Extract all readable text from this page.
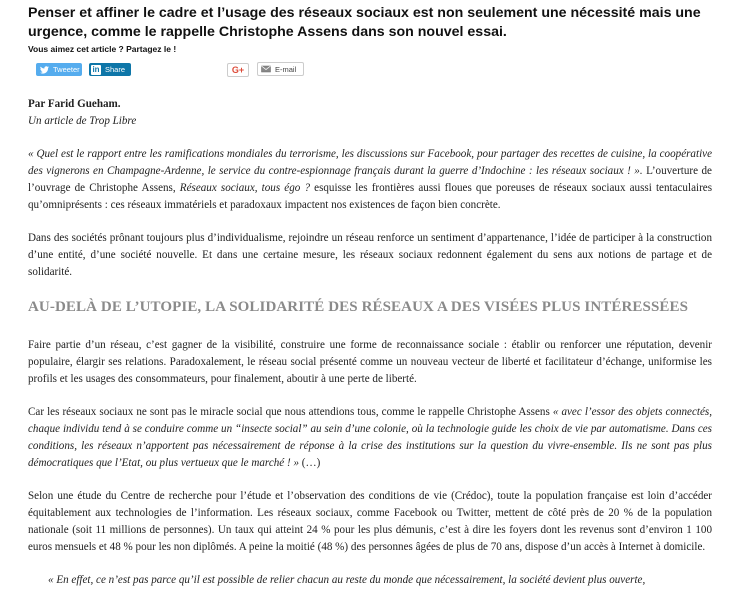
Penser et affiner le cadre et l’usage des réseaux sociaux est non seulement une nécessité mais une urgence, comme le rappelle Christophe Assens dans son nouvel essai.

Vous aimez cet article ? Partagez le !

Tweeter in Share	G+	E-mail

Par Farid Gueham.

Un article de Trop Libre

« Quel est le rapport entre les ramifications mondiales du terrorisme, les discussions sur Facebook, pour partager des recettes de cuisine, la coopérative des vignerons en Champagne-Ardenne, le service du contre-espionnage français durant la guerre d’Indochine : les réseaux sociaux ! ». L’ouverture de l’ouvrage de Christophe Assens, Réseaux sociaux, tous égo ? esquisse les frontières aussi floues que poreuses de réseaux sociaux aussi tentaculaires qu’omniprésents : ces réseaux immatériels et paradoxaux impactent nos existences de façon bien concrète.

Dans des sociétés prônant toujours plus d’individualisme, rejoindre un réseau renforce un sentiment d’appartenance, l’idée de participer à la construction d’une entité, d’une société nouvelle. Et dans une certaine mesure, les réseaux sociaux redonnent également du sens aux notions de partage et de solidarité.

AU-DELÀ DE L’UTOPIE, LA SOLIDARITÉ DES RÉSEAUX A DES VISÉES PLUS INTÉRESSÉES

Faire partie d’un réseau, c’est gagner de la visibilité, construire une forme de reconnaissance sociale : établir ou renforcer une réputation, devenir populaire, élargir ses relations. Paradoxalement, le réseau social présenté comme un nouveau vecteur de liberté et facilitateur d’échange, uniformise les profils et les usages des consommateurs, pour finalement, aboutir à une perte de liberté.

Car les réseaux sociaux ne sont pas le miracle social que nous attendions tous, comme le rappelle Christophe Assens « avec l’essor des objets connectés, chaque individu tend à se conduire comme un “insecte social” au sein d’une colonie, où la technologie guide les choix de vie par automatisme. Dans ces conditions, les réseaux n’apportent pas nécessairement de réponse à la crise des institutions sur la question du vivre-ensemble. Ils ne sont pas plus démocratiques que l’Etat, ou plus vertueux que le marché ! » (…)

Selon une étude du Centre de recherche pour l’étude et l’observation des conditions de vie (Crédoc), toute la population française est loin d’accéder équitablement aux technologies de l’information. Les réseaux sociaux, comme Facebook ou Twitter, mettent de côté près de 20 % de la population nationale (soit 11 millions de personnes). Un taux qui atteint 24 % pour les plus démunis, c’est à dire les foyers dont les revenus sont d’environ 1 100 euros mensuels et 48 % pour les non diplômés. A peine la moitié (48 %) des personnes âgées de plus de 70 ans, dispose d’un accès à Internet à domicile.

« En effet, ce n’est pas parce qu’il est possible de relier chacun au reste du monde que nécessairement, la société devient plus ouverte,
